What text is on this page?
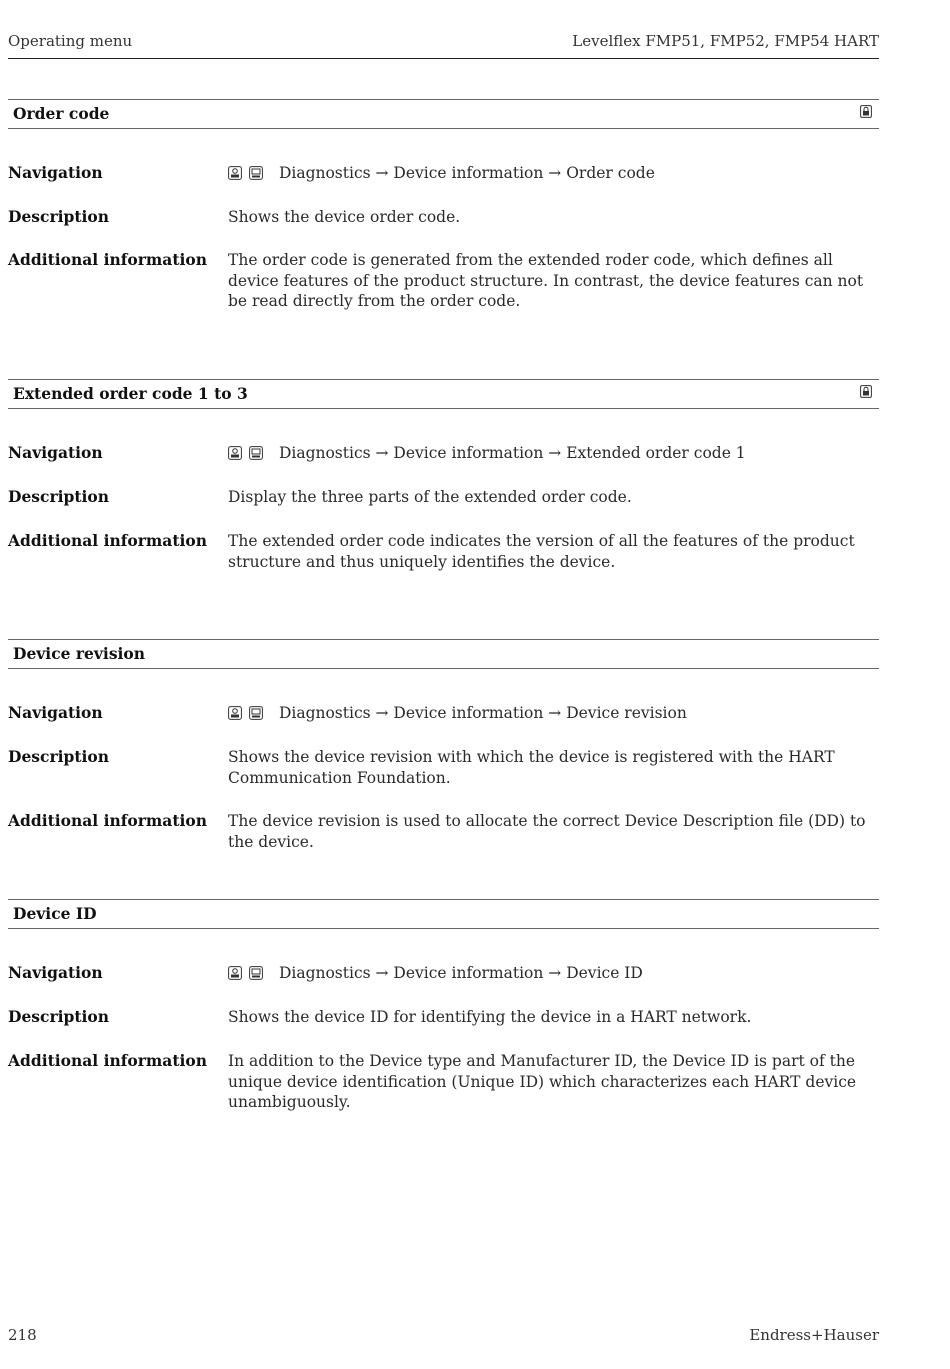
Operating menu	Levelflex FMP51, FMP52, FMP54 HART
Order code
Navigation	Diagnostics → Device information → Order code
Description	Shows the device order code.
Additional information The order code is generated from the extended roder code, which defines all device features of the product structure. In contrast, the device features can not be read directly from the order code.
Extended order code 1 to 3
Navigation	Diagnostics → Device information → Extended order code 1
Description	Display the three parts of the extended order code.
Additional information The extended order code indicates the version of all the features of the product structure and thus uniquely identifies the device.
Device revision
Navigation	Diagnostics → Device information → Device revision
Description	Shows the device revision with which the device is registered with the HART Communication Foundation.
Additional information The device revision is used to allocate the correct Device Description file (DD) to the device.
Device ID
Navigation	Diagnostics → Device information → Device ID
Description	Shows the device ID for identifying the device in a HART network.
Additional information In addition to the Device type and Manufacturer ID, the Device ID is part of the unique device identification (Unique ID) which characterizes each HART device unambiguously.
218	Endress+Hauser
